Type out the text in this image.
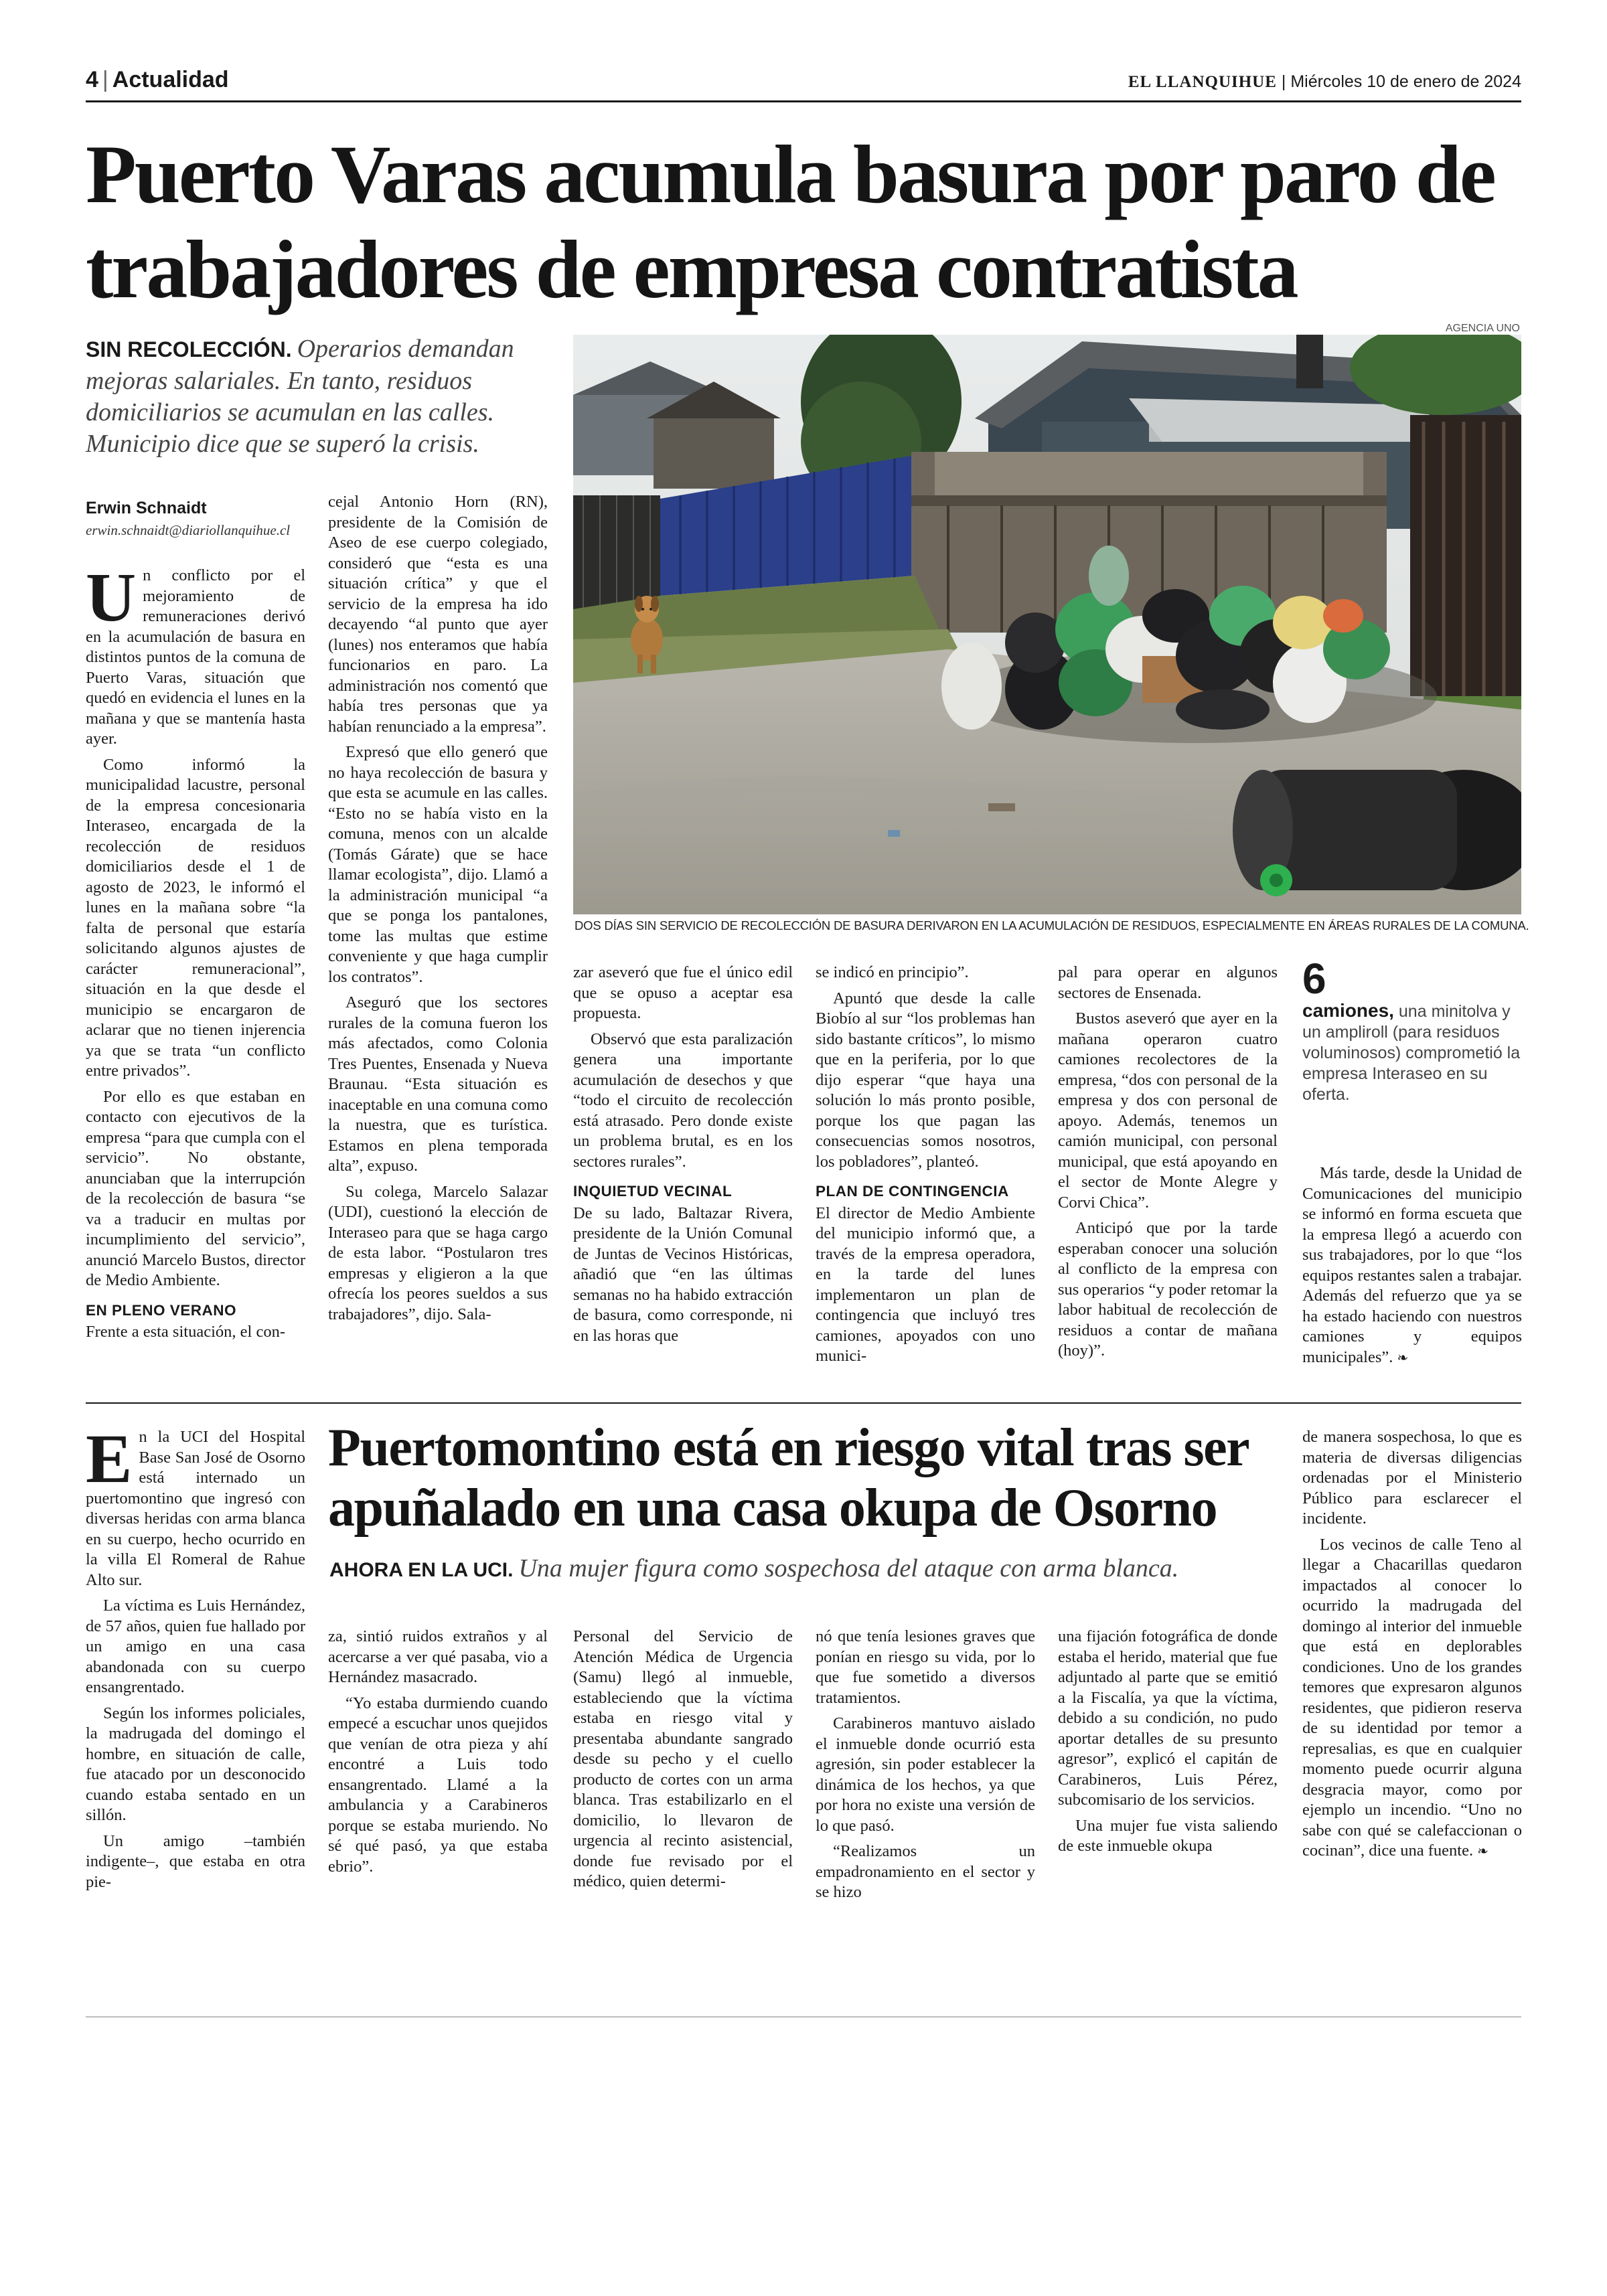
4 | Actualidad	EL LLANQUIHUE | Miércoles 10 de enero de 2024
Puerto Varas acumula basura por paro de trabajadores de empresa contratista
SIN RECOLECCIÓN. Operarios demandan mejoras salariales. En tanto, residuos domiciliarios se acumulan en las calles. Municipio dice que se superó la crisis.
Erwin Schnaidt
erwin.schnaidt@diariollanquihue.cl
AGENCIA UNO
DOS DÍAS SIN SERVICIO DE RECOLECCIÓN DE BASURA DERIVARON EN LA ACUMULACIÓN DE RESIDUOS, ESPECIALMENTE EN ÁREAS RURALES DE LA COMUNA.
U n conflicto por el mejoramiento de remuneraciones derivó en la acumulación de basura en distintos puntos de la comuna de Puerto Varas, situación que quedó en evidencia el lunes en la mañana y que se mantenía hasta ayer.

Como informó la municipalidad lacustre, personal de la empresa concesionaria Interaseo, encargada de la recolección de residuos domiciliarios desde el 1 de agosto de 2023, le informó el lunes en la mañana sobre “la falta de personal que estaría solicitando algunos ajustes de carácter remuneracional”, situación en la que desde el municipio se encargaron de aclarar que no tienen injerencia ya que se trata “un conflicto entre privados”.

Por ello es que estaban en contacto con ejecutivos de la empresa “para que cumpla con el servicio”. No obstante, anunciaban que la interrupción de la recolección de basura “se va a traducir en multas por incumplimiento del servicio”, anunció Marcelo Bustos, director de Medio Ambiente.

EN PLENO VERANO

Frente a esta situación, el con-

cejal Antonio Horn (RN), presidente de la Comisión de Aseo de ese cuerpo colegiado, consideró que “esta es una situación crítica” y que el servicio de la empresa ha ido decayendo “al punto que ayer (lunes) nos enteramos que había funcionarios en paro. La administración nos comentó que había tres personas que ya habían renunciado a la empresa”.

Expresó que ello generó que no haya recolección de basura y que esta se acumule en las calles. “Esto no se había visto en la comuna, menos con un alcalde (Tomás Gárate) que se hace llamar ecologista”, dijo. Llamó a la administración municipal “a que se ponga los pantalones, tome las multas que estime conveniente y que haga cumplir los contratos”.

Aseguró que los sectores rurales de la comuna fueron los más afectados, como Colonia Tres Puentes, Ensenada y Nueva Braunau. “Esta situación es inaceptable en una comuna como la nuestra, que es turística. Estamos en plena temporada alta”, expuso.

Su colega, Marcelo Salazar (UDI), cuestionó la elección de Interaseo para que se haga cargo de esta labor. “Postularon tres empresas y eligieron a la que ofrecía los peores sueldos a sus trabajadores”, dijo. Sala-

zar aseveró que fue el único edil que se opuso a aceptar esa propuesta.

Observó que esta paralización genera una importante acumulación de desechos y que “todo el circuito de recolección está atrasado. Pero donde existe un problema brutal, es en los sectores rurales”.

INQUIETUD VECINAL

De su lado, Baltazar Rivera, presidente de la Unión Comunal de Juntas de Vecinos Históricas, añadió que “en las últimas semanas no ha habido extracción de basura, como corresponde, ni en las horas que

se indicó en principio”.

Apuntó que desde la calle Biobío al sur “los problemas han sido bastante críticos”, lo mismo que en la periferia, por lo que dijo esperar “que haya una solución lo más pronto posible, porque los que pagan las consecuencias somos nosotros, los pobladores”, planteó.

PLAN DE CONTINGENCIA

El director de Medio Ambiente del municipio informó que, a través de la empresa operadora, en la tarde del lunes implementaron un plan de contingencia que incluyó tres camiones, apoyados con uno munici-

pal para operar en algunos sectores de Ensenada.

Bustos aseveró que ayer en la mañana operaron cuatro camiones recolectores de la empresa, “dos con personal de la empresa y dos con personal de apoyo. Además, tenemos un camión municipal, con personal municipal, que está apoyando en el sector de Monte Alegre y Corvi Chica”.

Anticipó que por la tarde esperaban conocer una solución al conflicto de la empresa con sus operarios “y poder retomar la labor habitual de recolección de residuos a contar de mañana (hoy)”.

6
camiones, una minitolva y un ampliroll (para residuos voluminosos) comprometió la empresa Interaseo en su oferta.

Más tarde, desde la Unidad de Comunicaciones del municipio se informó en forma escueta que la empresa llegó a acuerdo con sus trabajadores, por lo que “los equipos restantes salen a trabajar. Además del refuerzo que ya se ha estado haciendo con nuestros camiones y equipos municipales”. ❧

E n la UCI del Hospital Base San José de Osorno está internado un puertomontino que ingresó con diversas heridas con arma blanca en su cuerpo, hecho ocurrido en la villa El Romeral de Rahue Alto sur.

La víctima es Luis Hernández, de 57 años, quien fue hallado por un amigo en una casa abandonada con su cuerpo ensangrentado.

Según los informes policiales, la madrugada del domingo el hombre, en situación de calle, fue atacado por un desconocido cuando estaba sentado en un sillón.

Un amigo –también indigente–, que estaba en otra pie-

Puertomontino está en riesgo vital tras ser apuñalado en una casa okupa de Osorno
AHORA EN LA UCI. Una mujer figura como sospechosa del ataque con arma blanca.

za, sintió ruidos extraños y al acercarse a ver qué pasaba, vio a Hernández masacrado.

“Yo estaba durmiendo cuando empecé a escuchar unos quejidos que venían de otra pieza y ahí encontré a Luis todo ensangrentado. Llamé a la ambulancia y a Carabineros porque se estaba muriendo. No sé qué pasó, ya que estaba ebrio”.

Personal del Servicio de Atención Médica de Urgencia (Samu) llegó al inmueble, estableciendo que la víctima estaba en riesgo vital y presentaba abundante sangrado desde su pecho y el cuello producto de cortes con un arma blanca. Tras estabilizarlo en el domicilio, lo llevaron de urgencia al recinto asistencial, donde fue revisado por el médico, quien determi-

nó que tenía lesiones graves que ponían en riesgo su vida, por lo que fue sometido a diversos tratamientos.

Carabineros mantuvo aislado el inmueble donde ocurrió esta agresión, sin poder establecer la dinámica de los hechos, ya que por hora no existe una versión de lo que pasó.

“Realizamos un empadronamiento en el sector y se hizo

una fijación fotográfica de donde estaba el herido, material que fue adjuntado al parte que se emitió a la Fiscalía, ya que la víctima, debido a su condición, no pudo aportar detalles de su presunto agresor”, explicó el capitán de Carabineros, Luis Pérez, subcomisario de los servicios.

Una mujer fue vista saliendo de este inmueble okupa

de manera sospechosa, lo que es materia de diversas diligencias ordenadas por el Ministerio Público para esclarecer el incidente.

Los vecinos de calle Teno al llegar a Chacarillas quedaron impactados al conocer lo ocurrido la madrugada del domingo al interior del inmueble que está en deplorables condiciones. Uno de los grandes temores que expresaron algunos residentes, que pidieron reserva de su identidad por temor a represalias, es que en cualquier momento puede ocurrir alguna desgracia mayor, como por ejemplo un incendio. “Uno no sabe con qué se calefaccionan o cocinan”, dice una fuente. ❧
